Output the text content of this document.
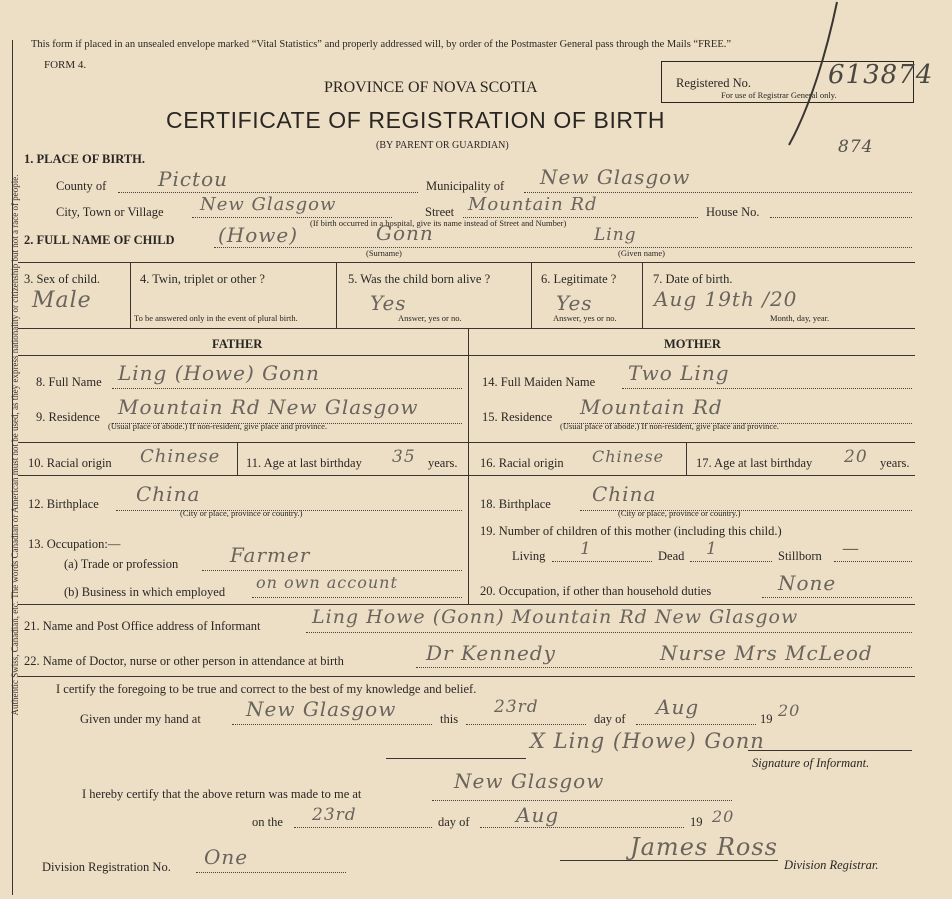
Authentic Swiss, Canadian, etc. The words Canadian or American must not be used, as they express nationality or citizenship but not a race of people.
This form if placed in an unsealed envelope marked “Vital Statistics” and properly addressed will, by order of the Postmaster General pass through the Mails “FREE.”
FORM 4.
PROVINCE OF NOVA SCOTIA
CERTIFICATE OF REGISTRATION OF BIRTH
(BY PARENT OR GUARDIAN)
Registered No.	613874
For use of Registrar General only.
874
1. PLACE OF BIRTH.
County of	Pictou	Municipality of New Glasgow
City, Town or Village New Glasgow	Street Mountain Rd	House No.
(If birth occurred in a hospital, give its name instead of Street and Number)
2. FULL NAME OF CHILD (Howe)	Gonn	Ling
(Surname)	(Given name)
3. Sex of child.
Male
4. Twin, triplet or other ?
To be answered only in the event of plural birth.
5. Was the child born alive ?
Yes
Answer, yes or no.
6. Legitimate ?
Yes
Answer, yes or no.
7. Date of birth.
Aug 19th /20
Month, day, year.
FATHER	MOTHER
8. Full Name Ling (Howe) Gonn
9. Residence Mountain Rd New Glasgow
(Usual place of abode.) If non-resident, give place and province.
10. Racial origin Chinese 11. Age at last birthday 35 years.
12. Birthplace China
(City or place, province or country.)
13. Occupation:—
(a) Trade or profession	Farmer
(b) Business in which employed on own account
14. Full Maiden Name Two Ling
15. Residence Mountain Rd
(Usual place of abode.) If non-resident, give place and province.
16. Racial origin Chinese	17. Age at last birthday 20 years.
18. Birthplace China
(City or place, province or country.)
19. Number of children of this mother (including this child.)
Living 1	Dead 1	Stillborn —
20. Occupation, if other than household duties	None
21. Name and Post Office address of Informant	Ling Howe (Gonn) Mountain Rd New Glasgow
22. Name of Doctor, nurse or other person in attendance at birth	Dr Kennedy	Nurse Mrs McLeod
I certify the foregoing to be true and correct to the best of my knowledge and belief.
Given under my hand at New Glasgow	this
23rd
day of Aug	19 20
X Ling (Howe) Gonn
Signature of Informant.
I hereby certify that the above return was made to me at
New Glasgow
on the 23rd	day of Aug	19 20
Division Registration No. One	James Ross
Division Registrar.
